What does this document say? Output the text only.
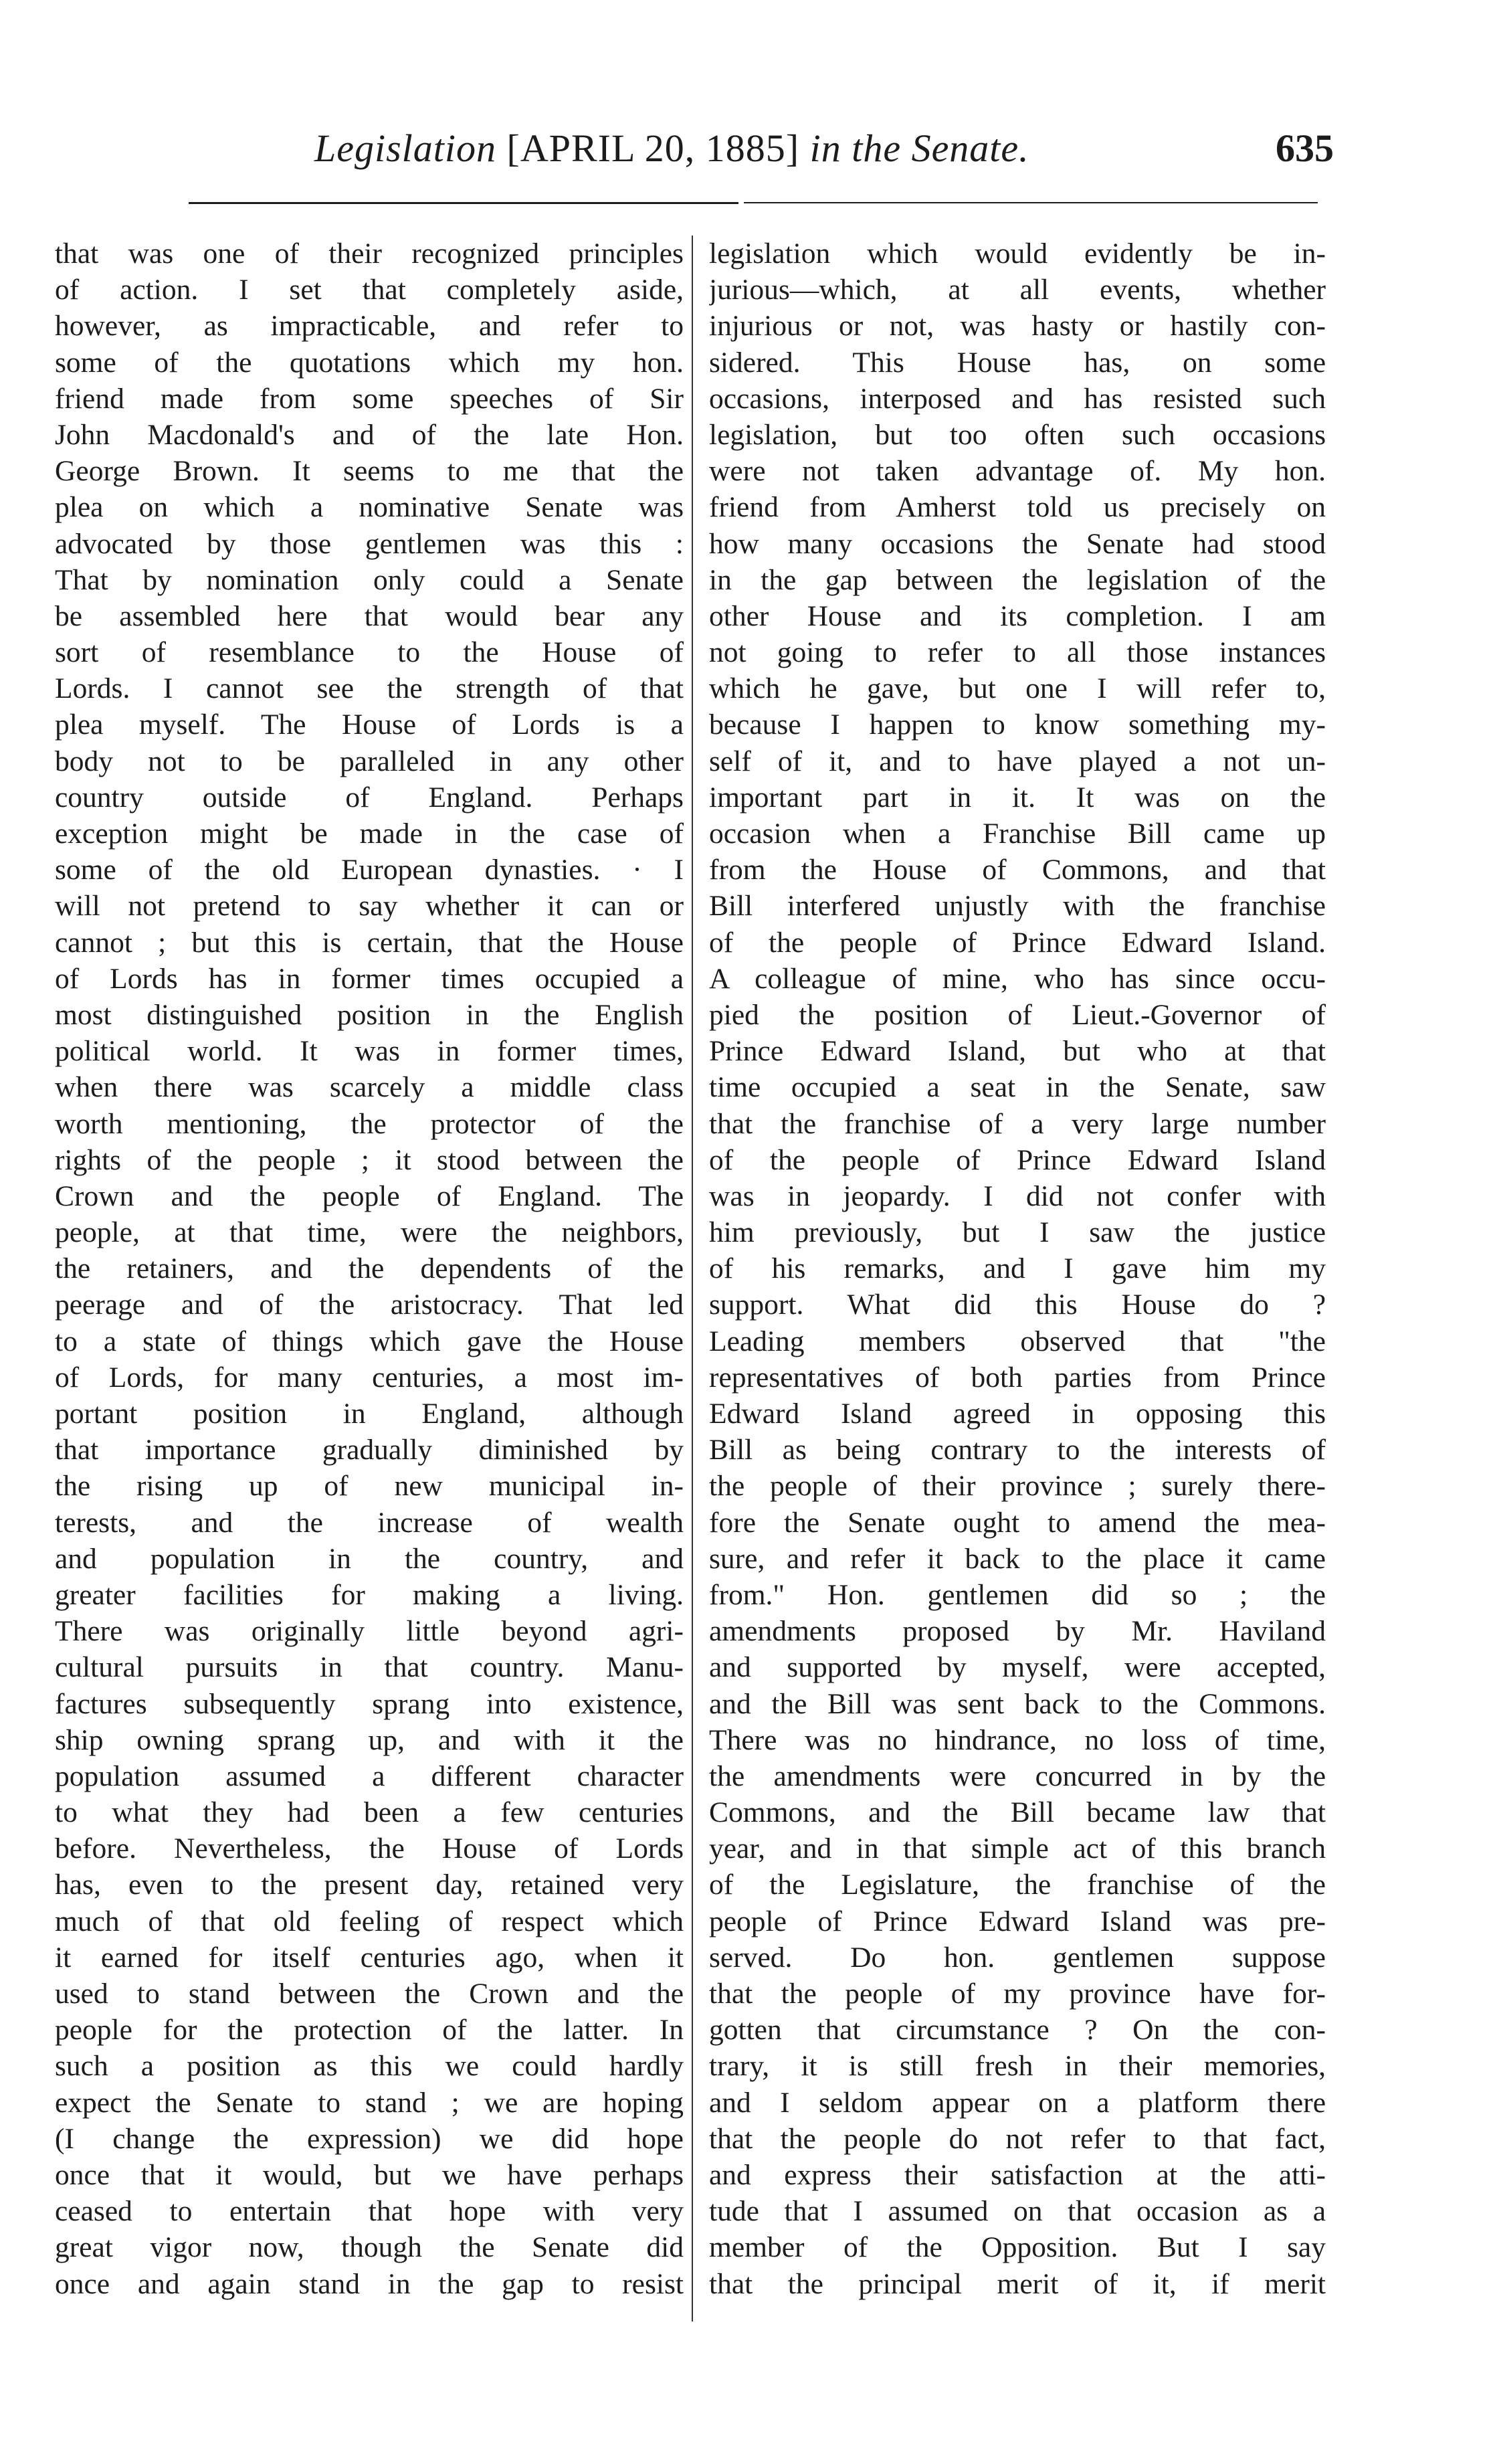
Legislation [APRIL 20, 1885] in the Senate.	635
that was one of their recognized principles
of action. I set that completely aside,
however, as impracticable, and refer to
some of the quotations which my hon.
friend made from some speeches of Sir
John Macdonald's and of the late Hon.
George Brown. It seems to me that the
plea on which a nominative Senate was
advocated by those gentlemen was this :
That by nomination only could a Senate
be assembled here that would bear any
sort of resemblance to the House of
Lords. I cannot see the strength of that
plea myself. The House of Lords is a
body not to be paralleled in any other
country outside of England. Perhaps
exception might be made in the case of
some of the old European dynasties. · I
will not pretend to say whether it can or
cannot ; but this is certain, that the House
of Lords has in former times occupied a
most distinguished position in the English
political world. It was in former times,
when there was scarcely a middle class
worth mentioning, the protector of the
rights of the people ; it stood between the
Crown and the people of England. The
people, at that time, were the neighbors,
the retainers, and the dependents of the
peerage and of the aristocracy. That led
to a state of things which gave the House
of Lords, for many centuries, a most im-
portant position in England, although
that importance gradually diminished by
the rising up of new municipal in-
terests, and the increase of wealth
and population in the country, and
greater facilities for making a living.
There was originally little beyond agri-
cultural pursuits in that country. Manu-
factures subsequently sprang into existence,
ship owning sprang up, and with it the
population assumed a different character
to what they had been a few centuries
before. Nevertheless, the House of Lords
has, even to the present day, retained very
much of that old feeling of respect which
it earned for itself centuries ago, when it
used to stand between the Crown and the
people for the protection of the latter. In
such a position as this we could hardly
expect the Senate to stand ; we are hoping
(I change the expression) we did hope
once that it would, but we have perhaps
ceased to entertain that hope with very
great vigor now, though the Senate did
once and again stand in the gap to resist
legislation which would evidently be in-
jurious—which, at all events, whether
injurious or not, was hasty or hastily con-
sidered. This House has, on some
occasions, interposed and has resisted such
legislation, but too often such occasions
were not taken advantage of. My hon.
friend from Amherst told us precisely on
how many occasions the Senate had stood
in the gap between the legislation of the
other House and its completion. I am
not going to refer to all those instances
which he gave, but one I will refer to,
because I happen to know something my-
self of it, and to have played a not un-
important part in it. It was on the
occasion when a Franchise Bill came up
from the House of Commons, and that
Bill interfered unjustly with the franchise
of the people of Prince Edward Island.
A colleague of mine, who has since occu-
pied the position of Lieut.-Governor of
Prince Edward Island, but who at that
time occupied a seat in the Senate, saw
that the franchise of a very large number
of the people of Prince Edward Island
was in jeopardy. I did not confer with
him previously, but I saw the justice
of his remarks, and I gave him my
support. What did this House do ?
Leading members observed that "the
representatives of both parties from Prince
Edward Island agreed in opposing this
Bill as being contrary to the interests of
the people of their province ; surely there-
fore the Senate ought to amend the mea-
sure, and refer it back to the place it came
from." Hon. gentlemen did so ; the
amendments proposed by Mr. Haviland
and supported by myself, were accepted,
and the Bill was sent back to the Commons.
There was no hindrance, no loss of time,
the amendments were concurred in by the
Commons, and the Bill became law that
year, and in that simple act of this branch
of the Legislature, the franchise of the
people of Prince Edward Island was pre-
served. Do hon. gentlemen suppose
that the people of my province have for-
gotten that circumstance ? On the con-
trary, it is still fresh in their memories,
and I seldom appear on a platform there
that the people do not refer to that fact,
and express their satisfaction at the atti-
tude that I assumed on that occasion as a
member of the Opposition. But I say
that the principal merit of it, if merit
